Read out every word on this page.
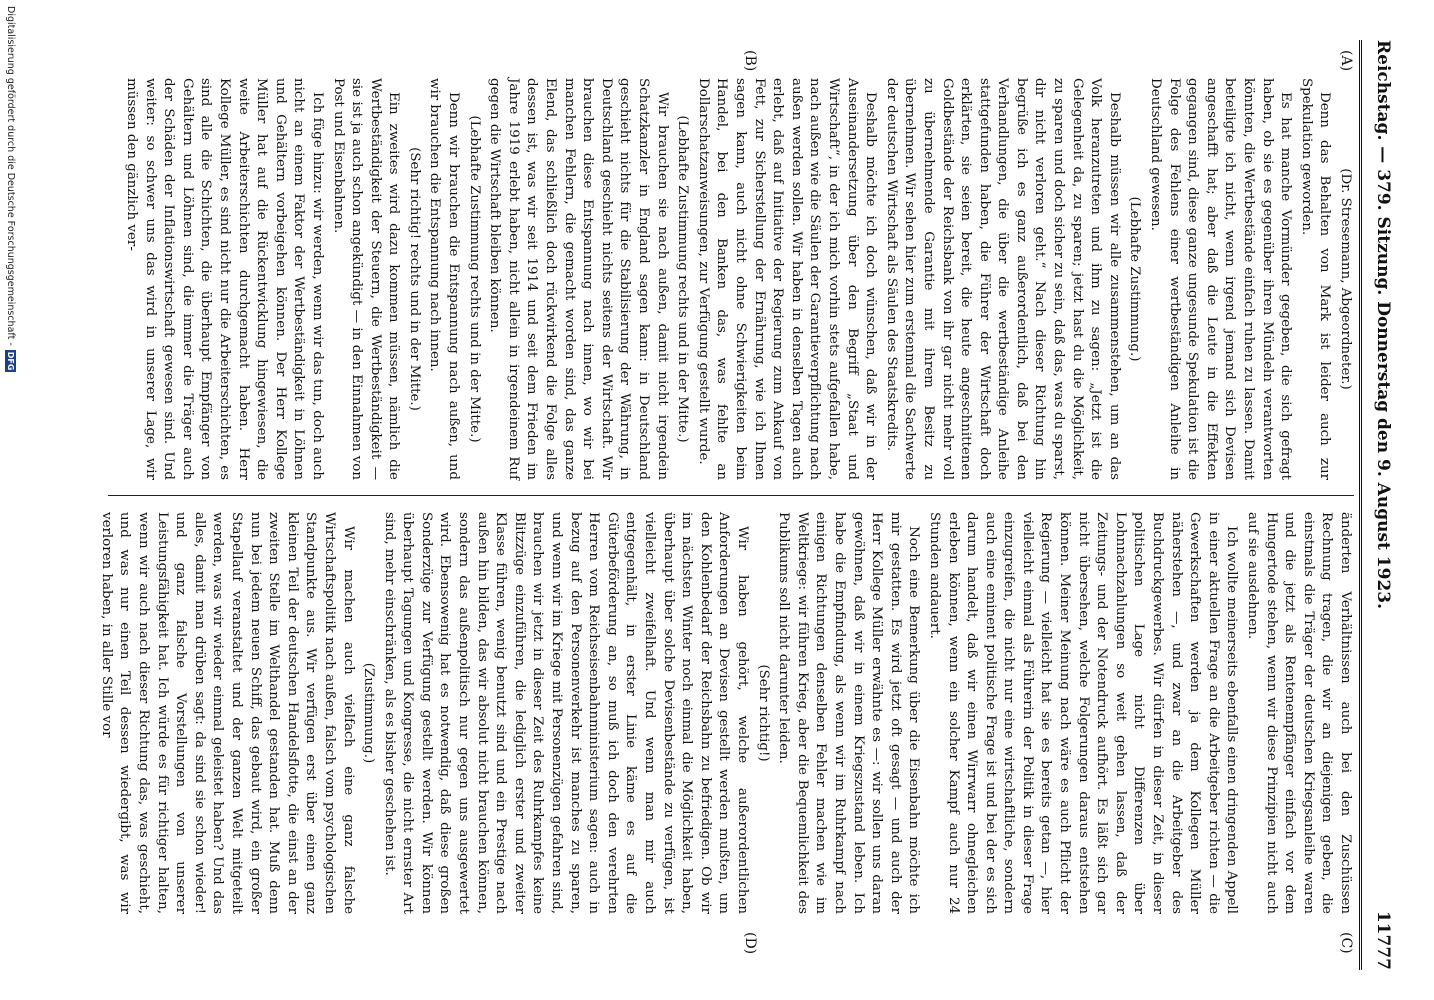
Reichstag. — 379. Sitzung. Donnerstag den 9. August 1923.
11777
(A)
(B)
(C)
(D)

(Dr. Stresemann, Abgeordneter.)

Denn das Behalten von Mark ist leider auch zur Spekulation geworden.

Es hat manche Vormünder gegeben, die sich gefragt haben, ob sie es gegenüber ihren Mündeln verantworten könnten, die Wertbestände einfach ruhen zu lassen. Damit beteiligte ich nicht, wenn irgend jemand sich Devisen angeschafft hat; aber daß die Leute in die Effekten gegangen sind, diese ganze ungesunde Spekulation ist die Folge des Fehlens einer wertbeständigen Anleihe in Deutschland gewesen.

(Lebhafte Zustimmung.)

Deshalb müssen wir alle zusammenstehen, um an das Volk heranzutreten und ihm zu sagen: „Jetzt ist die Gelegenheit da, zu sparen; jetzt hast du die Möglichkeit, zu sparen und doch sicher zu sein, daß das, was du sparst, dir nicht verloren geht.“ Nach dieser Richtung hin begrüße ich es ganz außerordentlich, daß bei den Verhandlungen, die über die wertbeständige Anleihe stattgefunden haben, die Führer der Wirtschaft doch erklärten, sie seien bereit, die heute angeschnittenen Goldbestände der Reichsbank von ihr gar nicht mehr voll zu übernehmende Garantie mit ihrem Besitz zu übernehmen. Wir sehen hier zum erstenmal die Sachwerte der deutschen Wirtschaft als Säulen des Staatskredits.

Deshalb möchte ich doch wünschen, daß wir in der Auseinandersetzung über den Begriff „Staat und Wirtschaft“, in der ich mich vorhin stets aufgefallen habe, nach außen wie die Säulen der Garantieverpflichtung nach außen werden sollen. Wir haben in denselben Tagen auch erlebt, daß auf Initiative der Regierung zum Ankauf von Fett, zur Sicherstellung der Ernährung, wie ich Ihnen sagen kann, auch nicht ohne Schwierigkeiten beim Handel, bei den Banken das, was fehlte an Dollarschatzanweisungen, zur Verfügung gestellt wurde.

(Lebhafte Zustimmung rechts und in der Mitte.)

Wir brauchen sie nach außen, damit nicht irgendein Schatzkanzler in England sagen kann: in Deutschland geschieht nichts für die Stabilisierung der Währung, in Deutschland geschieht nichts seitens der Wirtschaft. Wir brauchen diese Entspannung nach innen, wo wir bei manchen Fehlern, die gemacht worden sind, das ganze Elend, das schließlich doch rückwirkend die Folge alles dessen ist, was wir seit 1914 und seit dem Frieden im Jahre 1919 erlebt haben, nicht allein in irgendeinem Ruf gegen die Wirtschaft bleiben können.

(Lebhafte Zustimmung rechts und in der Mitte.)

Denn wir brauchen die Entspannung nach außen, und wir brauchen die Entspannung nach innen.

(Sehr richtig! rechts und in der Mitte.)

Ein zweites wird dazu kommen müssen, nämlich die Wertbeständigkeit der Steuern, die Wertbeständigkeit — sie ist ja auch schon angekündigt — in den Einnahmen von Post und Eisenbahnen.

Ich füge hinzu: wir werden, wenn wir das tun, doch auch nicht an einem Faktor der Wertbeständigkeit in Löhnen und Gehältern vorbeigehen können. Der Herr Kollege Müller hat auf die Rückentwicklung hingewiesen, die weite Arbeiterschichten durchgemacht haben. Herr Kollege Müller, es sind nicht nur die Arbeiterschichten, es sind alle die Schichten, die überhaupt Empfänger von Gehältern und Löhnen sind, die immer die Träger auch der Schäden der Inflationswirtschaft gewesen sind. Und weiter: so schwer uns das wird in unserer Lage, wir müssen den gänzlich ver-

änderten Verhältnissen auch bei den Zuschüssen Rechnung tragen, die wir an diejenigen geben, die einstmals die Träger der deutschen Kriegsanleihe waren und die jetzt als Rentenempfänger einfach vor dem Hungertode stehen, wenn wir diese Prinzipien nicht auch auf sie ausdehnen.

Ich wollte meinerseits ebenfalls einen dringenden Appell in einer aktuellen Frage an die Arbeitgeber richten — die Gewerkschaften werden ja dem Kollegen Müller näherstehen —, und zwar an die Arbeitgeber des Buchdruckgewerbes. Wir dürfen in dieser Zeit, in dieser politischen Lage nicht Differenzen über Lohnnachzahlungen so weit gehen lassen, daß der Zeitungs- und der Notendruck aufhört. Es läßt sich gar nicht übersehen, welche Folgerungen daraus entstehen können. Meiner Meinung nach wäre es auch Pflicht der Regierung — vielleicht hat sie es bereits getan —, hier vielleicht einmal als Führerin der Politik in dieser Frage einzugreifen, die nicht nur eine wirtschaftliche, sondern auch eine eminent politische Frage ist und bei der es sich darum handelt, daß wir einen Wirrwarr ohnegleichen erleben können, wenn ein solcher Kampf auch nur 24 Stunden andauert.

Noch eine Bemerkung über die Eisenbahn möchte ich mir gestatten. Es wird jetzt oft gesagt — und auch der Herr Kollege Müller erwähnte es —: wir sollen uns daran gewöhnen, daß wir in einem Kriegszustand leben. Ich habe die Empfindung, als wenn wir im Ruhrkampf nach einigen Richtungen denselben Fehler machen wie im Weltkriege: wir führen Krieg, aber die Bequemlichkeit des Publikums soll nicht darunter leiden.

(Sehr richtig!)

Wir haben gehört, welche außerordentlichen Anforderungen an Devisen gestellt werden mußten, um den Kohlenbedarf der Reichsbahn zu befriedigen. Ob wir im nächsten Winter noch einmal die Möglichkeit haben, überhaupt über solche Devisenbestände zu verfügen, ist vielleicht zweifelhaft. Und wenn man mir auch entgegenhält, in erster Linie käme es auf die Güterbeförderung an, so muß ich doch den verehrten Herren vom Reichseisenbahnministerium sagen: auch in bezug auf den Personenverkehr ist manches zu sparen, und wenn wir im Kriege mit Personenzügen gefahren sind, brauchen wir jetzt in dieser Zeit des Ruhrkampfes keine Blitzzüge einzuführen, die lediglich erster und zweiter Klasse führen, wenig benutzt sind und ein Prestige nach außen hin bilden, das wir absolut nicht brauchen können, sondern das außenpolitisch nur gegen uns ausgewertet wird. Ebensowenig hat es notwendig, daß diese großen Sonderzüge zur Verfügung gestellt werden. Wir können überhaupt Tagungen und Kongresse, die nicht ernster Art sind, mehr einschränken, als es bisher geschehen ist.

(Zustimmung.)

Wir machen auch vielfach eine ganz falsche Wirtschaftspolitik nach außen, falsch vom psychologischen Standpunkte aus. Wir verfügen erst über einen ganz kleinen Teil der deutschen Handelsflotte, die einst an der zweiten Stelle im Welthandel gestanden hat. Muß denn nun bei jedem neuen Schiff, das gebaut wird, ein großer Stapellauf veranstaltet und der ganzen Welt mitgeteilt werden, was wir wieder einmal geleistet haben? Und das alles, damit man drüben sagt: da sind sie schon wieder! und ganz falsche Vorstellungen von unserer Leistungsfähigkeit hat. Ich würde es für richtiger halten, wenn wir auch nach dieser Richtung das, was geschieht, und was nur einen Teil dessen wiedergibt, was wir verloren haben, in aller Stille vor

Digitalisierung gefördert durch die Deutsche Forschungsgemeinschaft -
DFG
